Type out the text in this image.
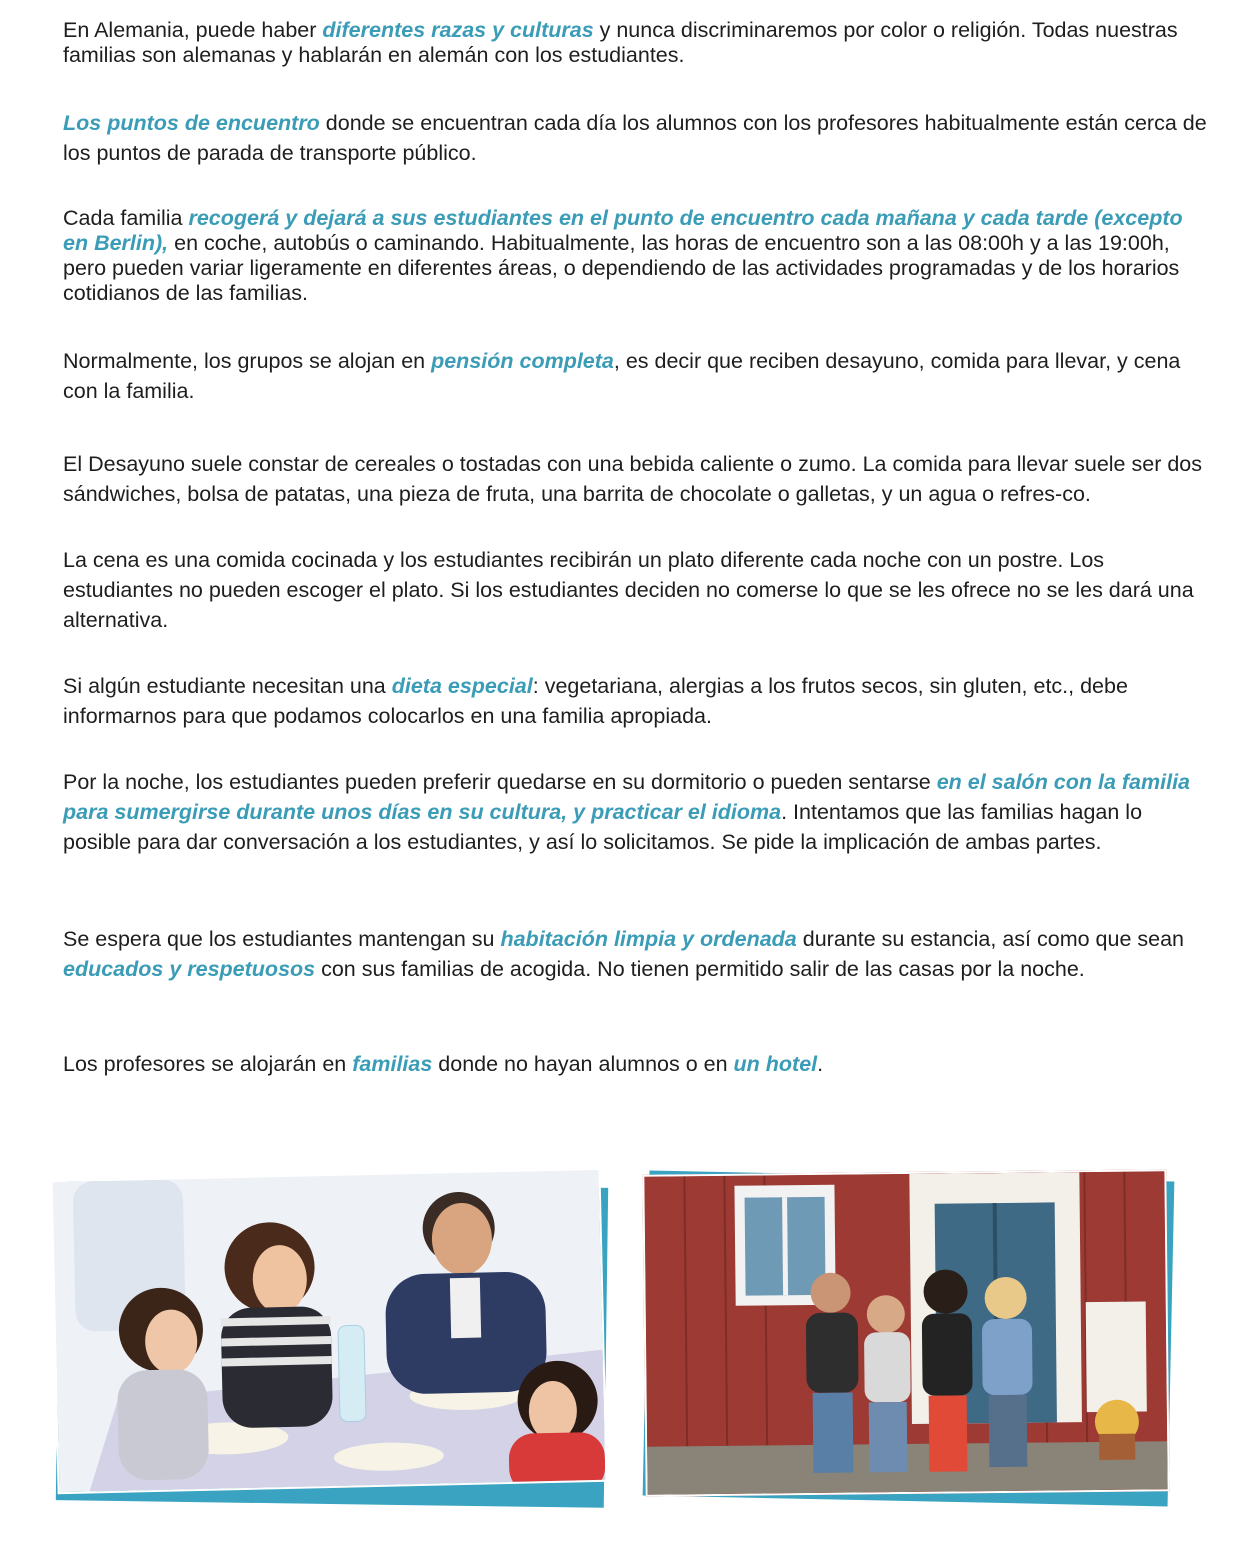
En Alemania, puede haber diferentes razas y culturas y nunca discriminaremos por color o religión. Todas nuestras familias son alemanas y hablarán en alemán con los estudiantes.

Los puntos de encuentro donde se encuentran cada día los alumnos con los profesores habitualmente están cerca de los puntos de parada de transporte público.

Cada familia recogerá y dejará a sus estudiantes en el punto de encuentro cada mañana y cada tarde (excepto en Berlin), en coche, autobús o caminando. Habitualmente, las horas de encuentro son a las 08:00h y a las 19:00h, pero pueden variar ligeramente en diferentes áreas, o dependiendo de las actividades programadas y de los horarios cotidianos de las familias.

Normalmente, los grupos se alojan en pensión completa, es decir que reciben desayuno, comida para llevar, y cena con la familia.

El Desayuno suele constar de cereales o tostadas con una bebida caliente o zumo. La comida para llevar suele ser dos sándwiches, bolsa de patatas, una pieza de fruta, una barrita de chocolate o galletas, y un agua o refres-co.

La cena es una comida cocinada y los estudiantes recibirán un plato diferente cada noche con un postre. Los estudiantes no pueden escoger el plato. Si los estudiantes deciden no comerse lo que se les ofrece no se les dará una alternativa.

Si algún estudiante necesitan una dieta especial: vegetariana, alergias a los frutos secos, sin gluten, etc., debe informarnos para que podamos colocarlos en una familia apropiada.

Por la noche, los estudiantes pueden preferir quedarse en su dormitorio o pueden sentarse en el salón con la familia para sumergirse durante unos días en su cultura, y practicar el idioma. Intentamos que las familias hagan lo posible para dar conversación a los estudiantes, y así lo solicitamos. Se pide la implicación de ambas partes.

Se espera que los estudiantes mantengan su habitación limpia y ordenada durante su estancia, así como que sean educados y respetuosos con sus familias de acogida. No tienen permitido salir de las casas por la noche.

Los profesores se alojarán en familias donde no hayan alumnos o en un hotel.
